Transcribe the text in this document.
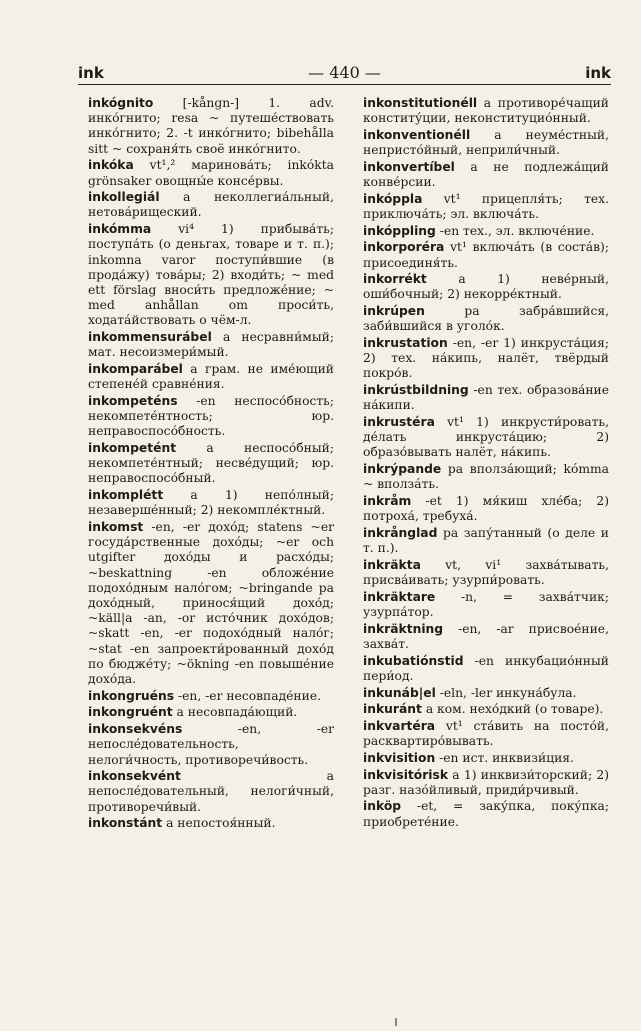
ink	— 440 —	ink

inkógnito [-kångn-] 1. adv. инко́гнито; resa ~ путеше́ствовать инко́гнито; 2. -t инко́гнито; bibehålla sitt ~ сохраня́ть своё инко́гнито.

inkóka vt¹,² маринова́ть; inkókta grönsaker овощны́е консе́рвы.

inkollegiál a неколлегиа́льный, нетова́рищеский.

inkómma vi⁴ 1) прибыва́ть; поступа́ть (о деньгах, товаре и т. п.); inkomna varor поступи́вшие (в прода́жу) това́ры; 2) входи́ть; ~ med ett förslag вноси́ть предложе́ние; ~ med anhållan om проси́ть, ходата́йствовать о чём-л.

inkommensurábel a несравни́мый; мат. несоизмери́мый.

inkomparábel a грам. не име́ющий степене́й сравне́ния.

inkompeténs -en неспосо́бность; некомпете́нтность; юр. неправоспосо́бность.

inkompetént a неспосо́бный; некомпете́нтный; несве́дущий; юр. неправоспосо́бный.

inkomplétt a 1) непо́лный; незаверше́нный; 2) некомпле́ктный.

inkomst -en, -er дохо́д; statens ~er госуда́рственные дохо́ды; ~er och utgifter дохо́ды и расхо́ды; ~beskattning -en обложе́ние подохо́дным нало́гом; ~bringande pa дохо́дный, принося́щий дохо́д; ~käll|a -an, -or исто́чник дохо́дов; ~skatt -en, -er подохо́дный нало́г; ~stat -en запроекти́рованный дохо́д по бюдже́ту; ~ökning -en повыше́ние дохо́да.

inkongruéns -en, -er несовпаде́ние.

inkongruént a несовпада́ющий.

inkonsekvéns -en, -er непосле́довательность, нелоги́чность, противоречи́вость.

inkonsekvént a непосле́довательный, нелоги́чный, противоречи́вый.

inkonstánt a непостоя́нный.

inkonstitutionéll a противоре́чащий конститу́ции, неконституцио́нный.

inkonventionéll a неуме́стный, непристо́йный, неприли́чный.

inkonvertíbel a не подлежа́щий конве́рсии.

inkóppla vt¹ прицепля́ть; тех. приключа́ть; эл. включа́ть.

inkóppling -en тех., эл. включе́ние.

inkorporéra vt¹ включа́ть (в соста́в); присоединя́ть.

inkorrékt a 1) неве́рный, оши́бочный; 2) некорре́ктный.

inkrúpen pa забра́вшийся, заби́вшийся в уголо́к.

inkrustation -en, -er 1) инкруста́ция; 2) тех. на́кипь, налёт, твёрдый покро́в.

inkrústbildning -en тех. образова́ние на́кипи.

inkrustéra vt¹ 1) инкрусти́ровать, де́лать инкруста́цию; 2) образо́вывать налёт, на́кипь.

inkrýpande pa вполза́ющий; kómma ~ вползáть.

inkråm -et 1) мя́киш хле́ба; 2) потроха́, требуха́.

inkrånglad pa запу́танный (о деле и т. п.).

inkräkta vt, vi¹ захва́тывать, присва́ивать; узурпи́ровать.

inkräktare -n, = захва́тчик; узурпа́тор.

inkräktning -en, -ar присвое́ние, захва́т.

inkubatiónstid -en инкубацио́нный пери́од.

inkunáb|el -eln, -ler инкуна́була.

inkuránt a ком. нехо́дкий (о товаре).

inkvartéra vt¹ ста́вить на посто́й, расквартиро́вывать.

inkvisition -en ист. инквизи́ция.

inkvisitórisk a 1) инквизи́торский; 2) разг. назо́йливый, приди́рчивый.

inköp -et, = заку́пка, поку́пка; приобрете́ние.
